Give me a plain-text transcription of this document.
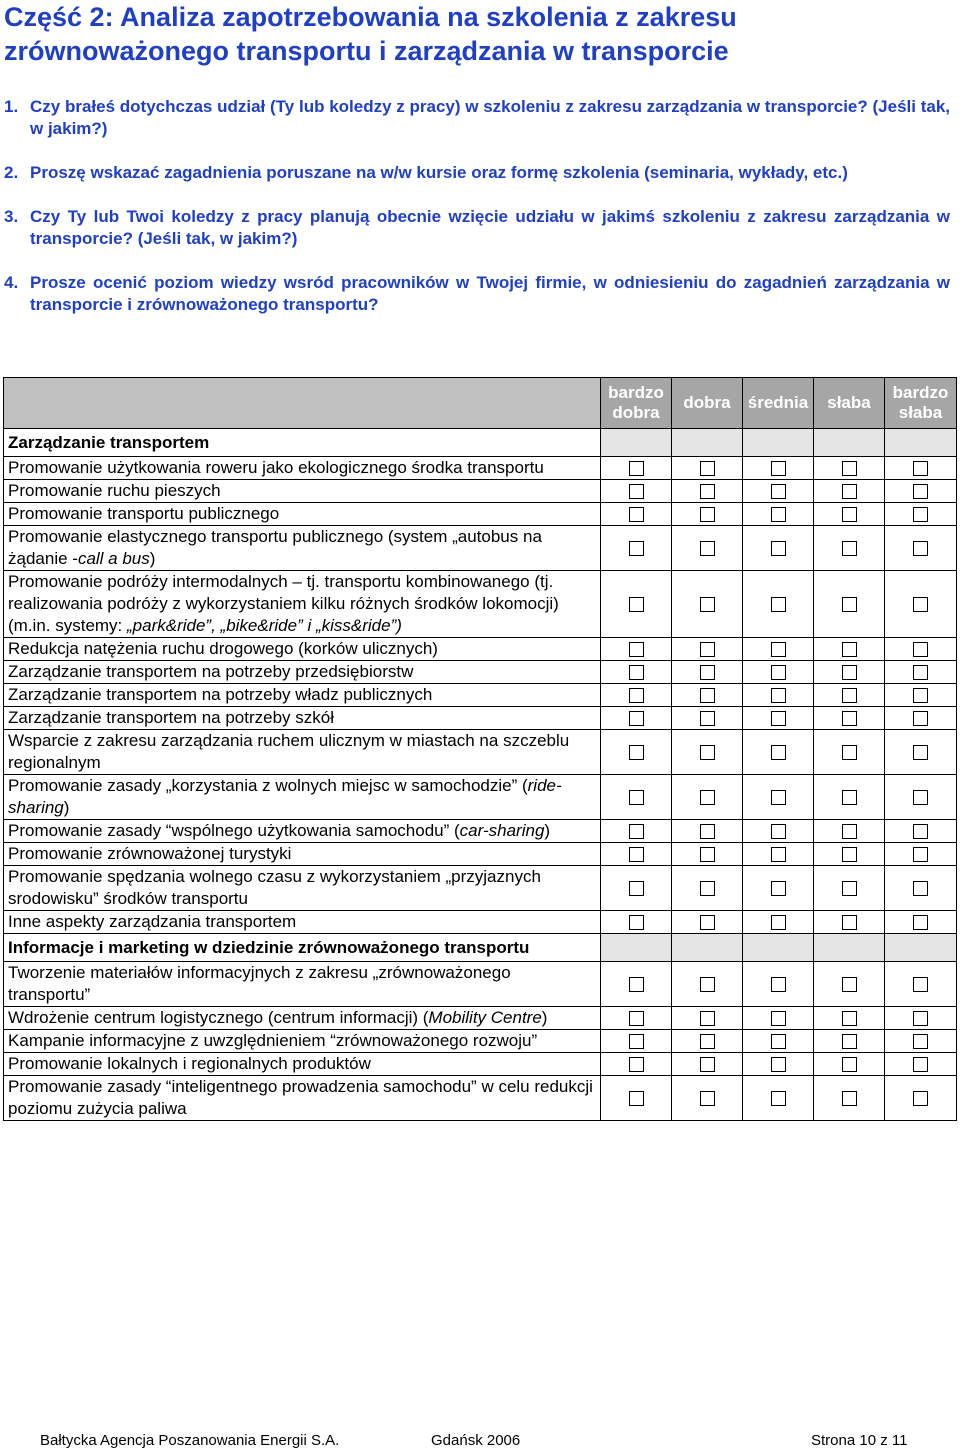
Część 2: Analiza zapotrzebowania na szkolenia z zakresu zrównoważonego transportu i zarządzania w transporcie
1. Czy brałeś dotychczas udział (Ty lub koledzy z pracy) w szkoleniu z zakresu zarządzania w transporcie? (Jeśli tak, w jakim?)
2. Proszę wskazać zagadnienia poruszane na w/w kursie oraz formę szkolenia (seminaria, wykłady, etc.)
3. Czy Ty lub Twoi koledzy z pracy planują obecnie wzięcie udziału w jakimś szkoleniu z zakresu zarządzania w transporcie? (Jeśli tak, w jakim?)
4. Prosze ocenić poziom wiedzy wsród pracowników w Twojej firmie, w odniesieniu do zagadnień zarządzania w transporcie i zrównoważonego transportu?
	bardzo dobra	dobra	średnia	słaba	bardzo słaba
Zarządzanie transportem					
Promowanie użytkowania roweru jako ekologicznego środka transportu					
Promowanie ruchu pieszych					
Promowanie transportu publicznego					
Promowanie elastycznego transportu publicznego (system „autobus na żądanie -call a bus)					
Promowanie podróży intermodalnych – tj. transportu kombinowanego (tj. realizowania podróży z wykorzystaniem kilku różnych środków lokomocji) (m.in. systemy: „park&ride”, „bike&ride” i „kiss&ride”)					
Redukcja natężenia ruchu drogowego (korków ulicznych)					
Zarządzanie transportem na potrzeby przedsiębiorstw					
Zarządzanie transportem na potrzeby władz publicznych					
Zarządzanie transportem na potrzeby szkół					
Wsparcie z zakresu zarządzania ruchem ulicznym w miastach na szczeblu regionalnym					
Promowanie zasady „korzystania z wolnych miejsc w samochodzie” (ride-sharing)					
Promowanie zasady “wspólnego użytkowania samochodu” (car-sharing)					
Promowanie zrównoważonej turystyki					
Promowanie spędzania wolnego czasu z wykorzystaniem „przyjaznych srodowisku” środków transportu					
Inne aspekty zarządzania transportem					
Informacje i marketing w dziedzinie zrównoważonego transportu					
Tworzenie materiałów informacyjnych z zakresu „zrównoważonego transportu”					
Wdrożenie centrum logistycznego (centrum informacji) (Mobility Centre)					
Kampanie informacyjne z uwzględnieniem “zrównoważonego rozwoju”					
Promowanie lokalnych i regionalnych produktów					
Promowanie zasady “inteligentnego prowadzenia samochodu” w celu redukcji poziomu zużycia paliwa					
Bałtycka Agencja Poszanowania Energii S.A.	Gdańsk 2006	Strona 10 z 11
